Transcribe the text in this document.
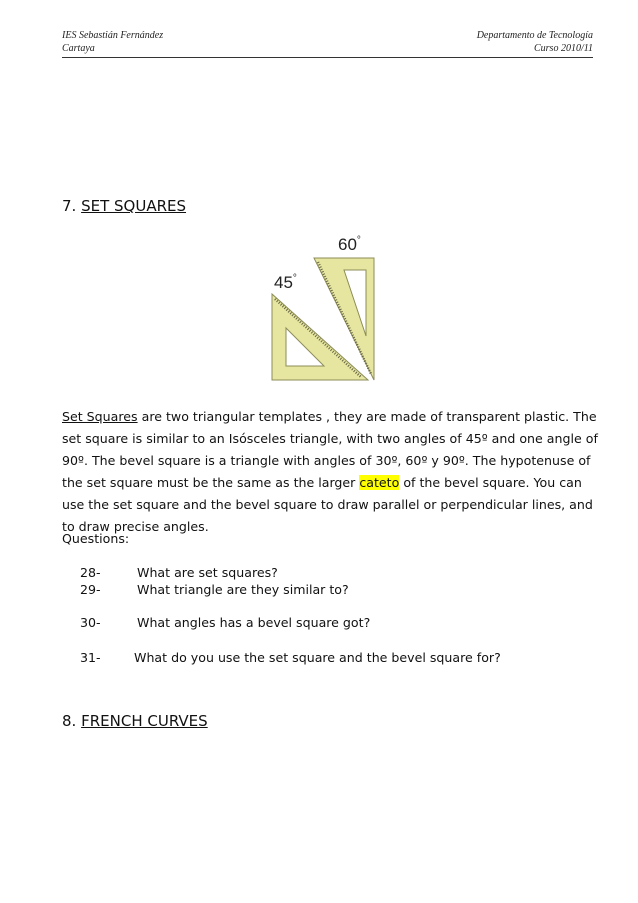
IES Sebastián Fernández
Cartaya
Departamento de Tecnología
Curso 2010/11
7. SET SQUARES
60°
45°
Set Squares are two triangular templates , they are made of transparent plastic. The set square is similar to an Isósceles triangle, with two angles of 45º and one angle of 90º. The bevel square is a triangle with angles of 30º, 60º y 90º. The hypotenuse of the set square must be the same as the larger cateto of the bevel square. You can use the set square and the bevel square to draw parallel or perpendicular lines, and to draw precise angles.
Questions:
28-	What are set squares?
29-	What triangle are they similar to?
30-	What angles has a bevel square got?
31-	What do you use the set square and the bevel square for?
8. FRENCH CURVES
